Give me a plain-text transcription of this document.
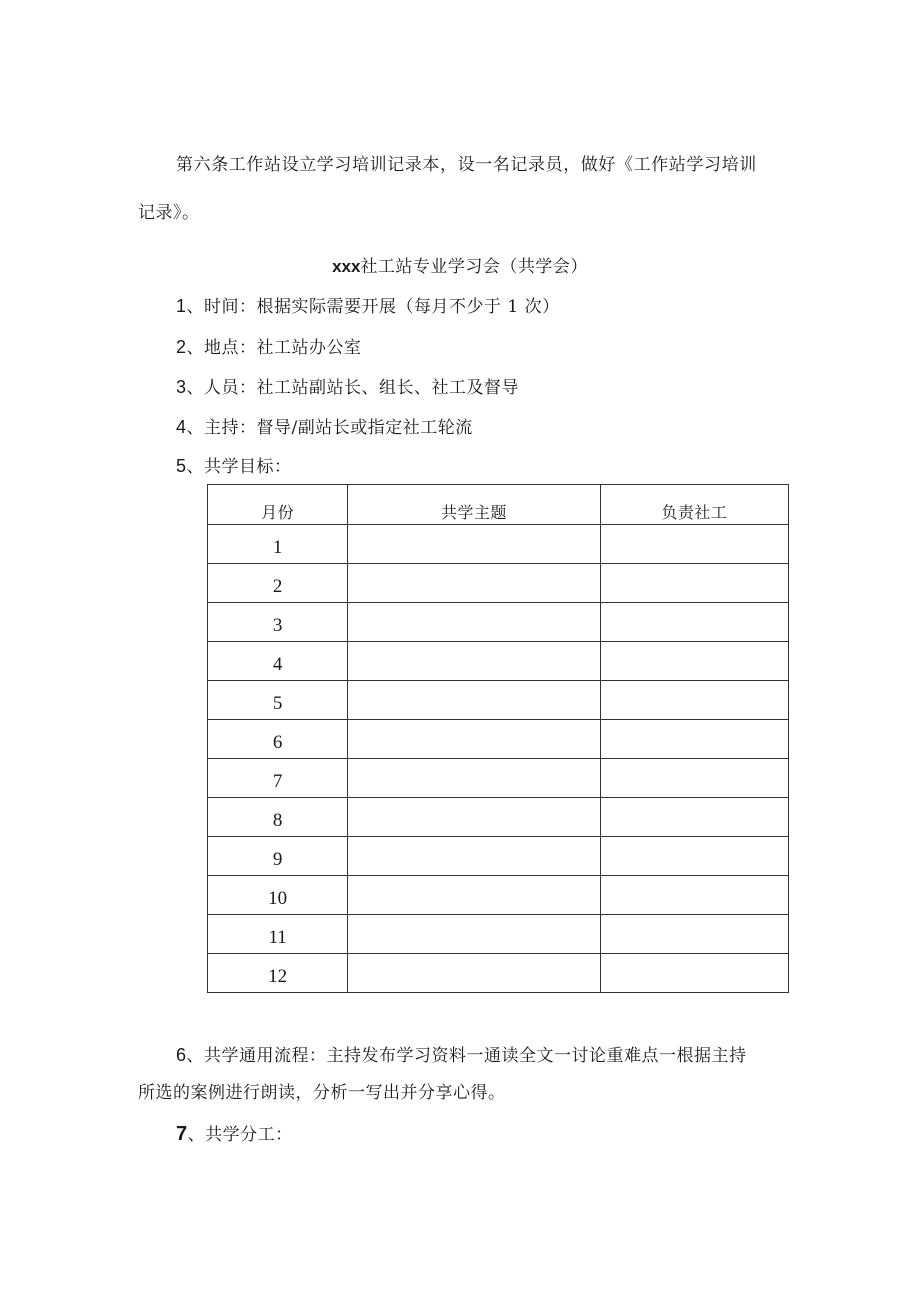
第六条工作站设立学习培训记录本，设一名记录员，做好《工作站学习培训
记录》。
xxx社工站专业学习会（共学会）
1、时间：根据实际需要开展（每月不少于 1 次）
2、地点：社工站办公室
3、人员：社工站副站长、组长、社工及督导
4、主持：督导/副站长或指定社工轮流
5、共学目标：
月份	共学主题	负责社工
1		
2		
3		
4		
5		
6		
7		
8		
9		
10		
11		
12		
6、共学通用流程：主持发布学习资料一通读全文一讨论重难点一根据主持
所选的案例进行朗读，分析一写出并分享心得。
7、共学分工：
